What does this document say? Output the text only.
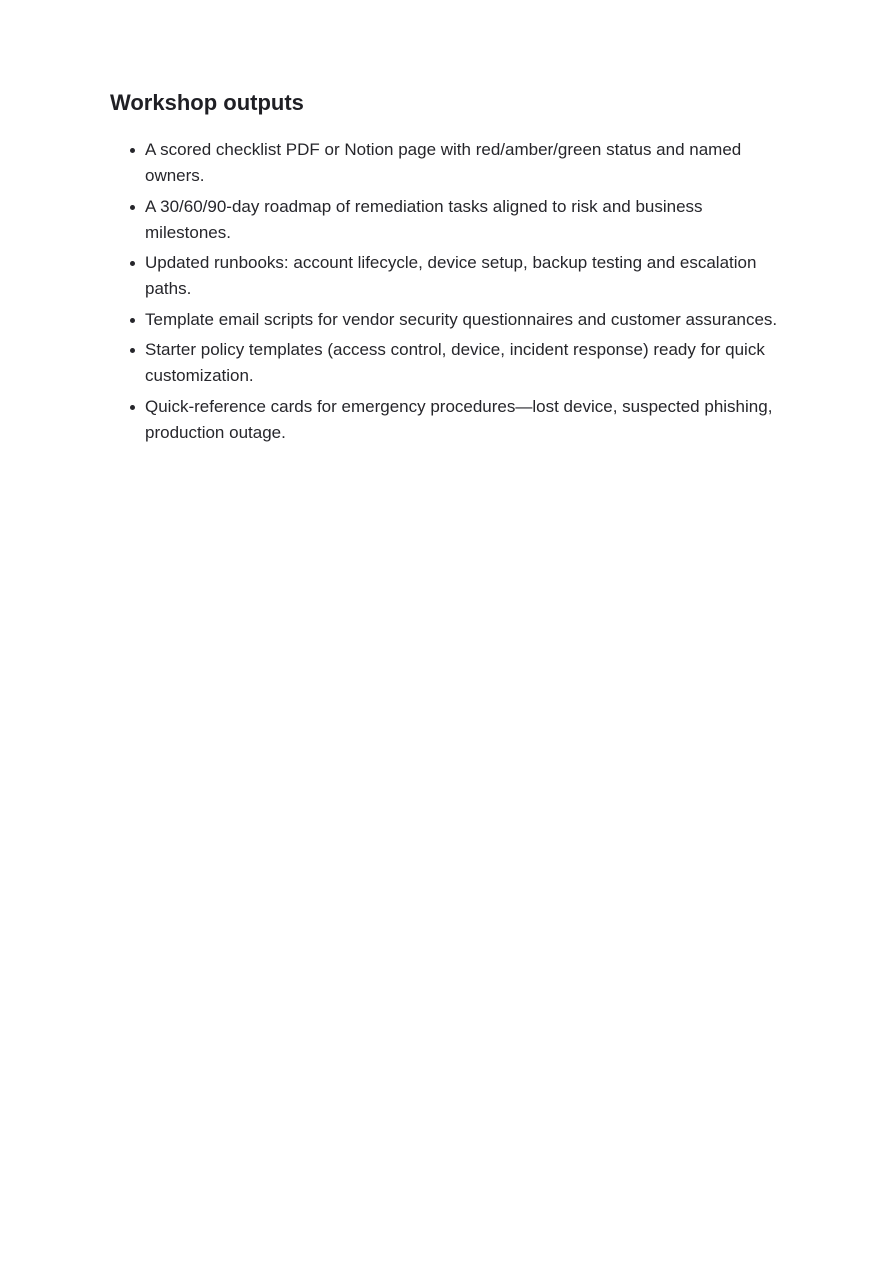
Workshop outputs
A scored checklist PDF or Notion page with red/amber/green status and named owners.
A 30/60/90-day roadmap of remediation tasks aligned to risk and business milestones.
Updated runbooks: account lifecycle, device setup, backup testing and escalation paths.
Template email scripts for vendor security questionnaires and customer assurances.
Starter policy templates (access control, device, incident response) ready for quick customization.
Quick-reference cards for emergency procedures—lost device, suspected phishing, production outage.
